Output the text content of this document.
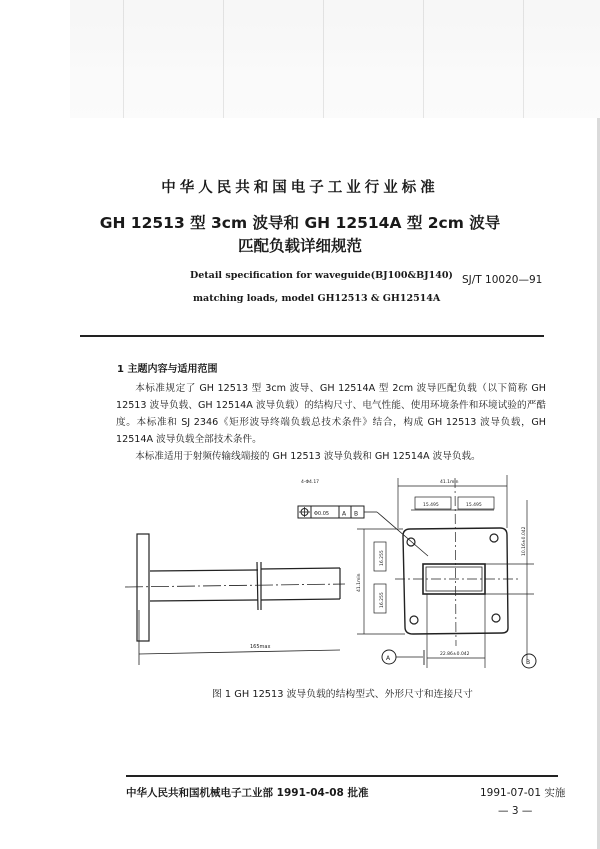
中华人民共和国电子工业行业标准
GH 12513 型 3cm 波导和 GH 12514A 型 2cm 波导
匹配负载详细规范
Detail specification for waveguide(BJ100&BJ140)
matching loads, model GH12513 & GH12514A
SJ/T 10020—91
1 主题内容与适用范围

本标准规定了 GH 12513 型 3cm 波导、GH 12514A 型 2cm 波导匹配负载（以下简称 GH 12513 波导负载、GH 12514A 波导负载）的结构尺寸、电气性能、使用环境条件和环境试验的严酷度。本标准和 SJ 2346《矩形波导终端负载总技术条件》结合，构成 GH 12513 波导负载，GH 12514A 波导负载全部技术条件。

本标准适用于射频传输线端接的 GH 12513 波导负载和 GH 12514A 波导负载。

165max
4-Φ4.17
Φ0.05 A B
41.1min
15.495	15.495
41.1min
16.255
16.255
10.16±0.042
B
22.86±0.042
A
图 1 GH 12513 波导负载的结构型式、外形尺寸和连接尺寸
中华人民共和国机械电子工业部 1991-04-08 批准	1991-07-01 实施
— 3 —
